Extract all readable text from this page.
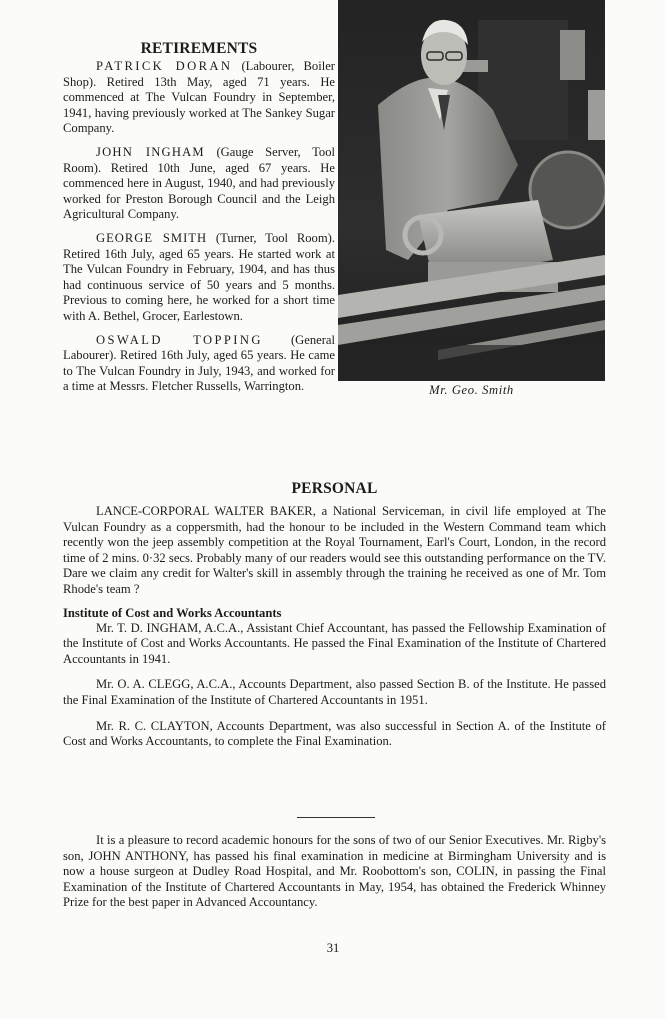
RETIREMENTS

PATRICK DORAN (Labourer, Boiler Shop). Retired 13th May, aged 71 years. He commenced at The Vulcan Foundry in September, 1941, having previously worked at The Sankey Sugar Company.

JOHN INGHAM (Gauge Server, Tool Room). Retired 10th June, aged 67 years. He commenced here in August, 1940, and had previously worked for Preston Borough Council and the Leigh Agricultural Company.

GEORGE SMITH (Turner, Tool Room). Retired 16th July, aged 65 years. He started work at The Vulcan Foundry in February, 1904, and has thus had continuous service of 50 years and 5 months. Previous to coming here, he worked for a short time with A. Bethel, Grocer, Earlestown.

OSWALD TOPPING (General Labourer). Retired 16th July, aged 65 years. He came to The Vulcan Foundry in July, 1943, and worked for a time at Messrs. Fletcher Russells, Warrington.	Mr. Geo. Smith
PERSONAL

LANCE-CORPORAL WALTER BAKER, a National Serviceman, in civil life employed at The Vulcan Foundry as a coppersmith, had the honour to be included in the Western Command team which recently won the jeep assembly competition at the Royal Tournament, Earl's Court, London, in the record time of 2 mins. 0·32 secs. Probably many of our readers would see this outstanding performance on the TV. Dare we claim any credit for Walter's skill in assembly through the training he received as one of Mr. Tom Rhode's team ?

Institute of Cost and Works Accountants

Mr. T. D. INGHAM, A.C.A., Assistant Chief Accountant, has passed the Fellowship Examination of the Institute of Cost and Works Accountants. He passed the Final Examination of the Institute of Chartered Accountants in 1941.

Mr. O. A. CLEGG, A.C.A., Accounts Department, also passed Section B. of the Institute. He passed the Final Examination of the Institute of Chartered Accountants in 1951.

Mr. R. C. CLAYTON, Accounts Department, was also successful in Section A. of the Institute of Cost and Works Accountants, to complete the Final Examination.

It is a pleasure to record academic honours for the sons of two of our Senior Executives. Mr. Rigby's son, JOHN ANTHONY, has passed his final examination in medicine at Birmingham University and is now a house surgeon at Dudley Road Hospital, and Mr. Roobottom's son, COLIN, in passing the Final Examination of the Institute of Chartered Accountants in May, 1954, has obtained the Frederick Whinney Prize for the best paper in Advanced Accountancy.

31
